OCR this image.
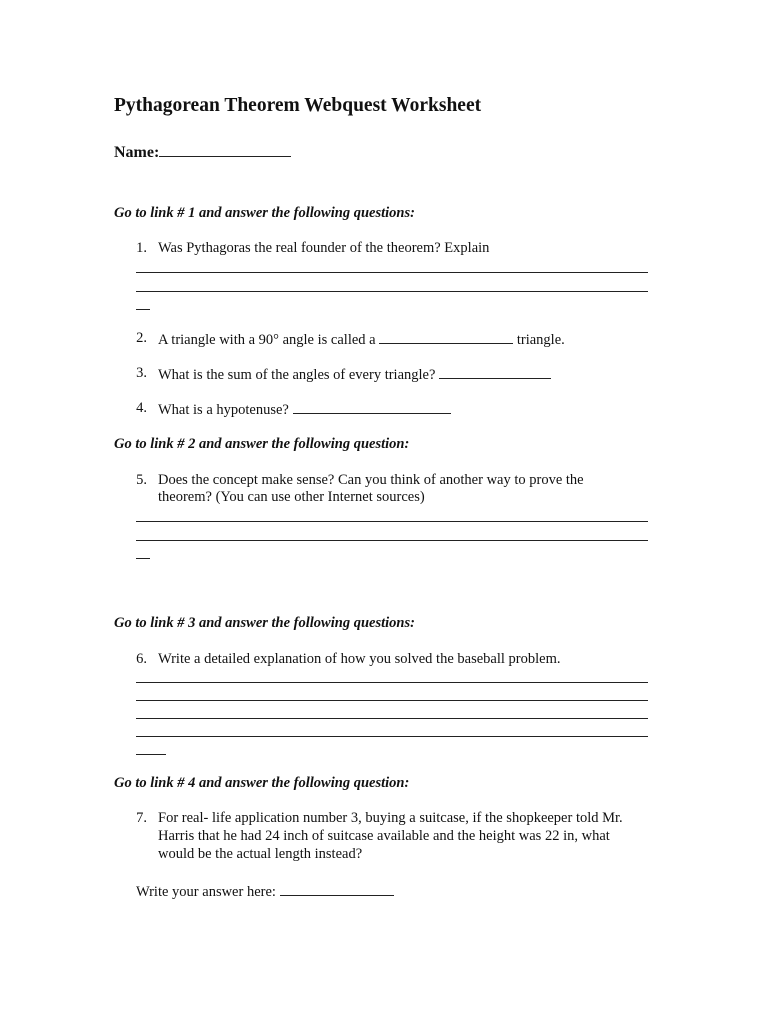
Pythagorean Theorem Webquest Worksheet
Name:
Go to link # 1 and answer the following questions:
1. Was Pythagoras the real founder of the theorem? Explain
2. A triangle with a 90° angle is called a	triangle.
3. What is the sum of the angles of every triangle?
4. What is a hypotenuse?
Go to link # 2 and answer the following question:
5. Does the concept make sense? Can you think of another way to prove the
theorem? (You can use other Internet sources)
Go to link # 3 and answer the following questions:
6. Write a detailed explanation of how you solved the baseball problem.
Go to link # 4 and answer the following question:
7. For real- life application number 3, buying a suitcase, if the shopkeeper told Mr.
Harris that he had 24 inch of suitcase available and the height was 22 in, what
would be the actual length instead?
Write your answer here:
